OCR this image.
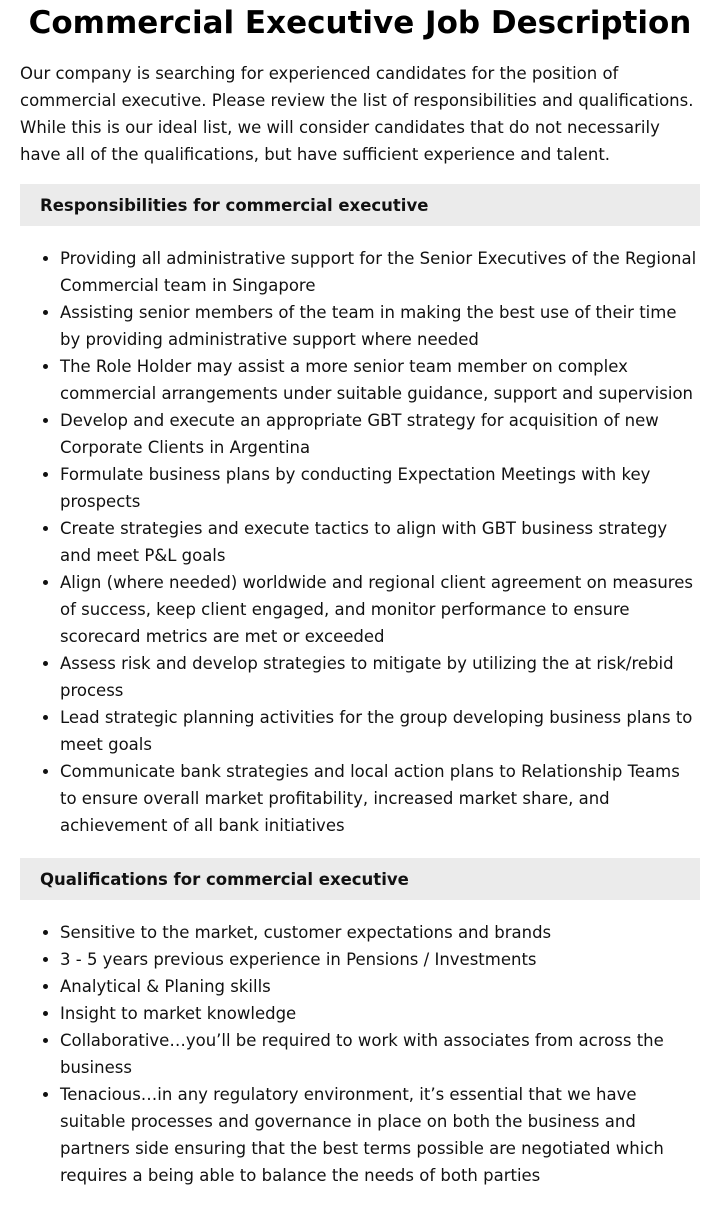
Commercial Executive Job Description

Our company is searching for experienced candidates for the position of commercial executive. Please review the list of responsibilities and qualifications. While this is our ideal list, we will consider candidates that do not necessarily have all of the qualifications, but have sufficient experience and talent.

Responsibilities for commercial executive
• Providing all administrative support for the Senior Executives of the Regional Commercial team in Singapore
• Assisting senior members of the team in making the best use of their time by providing administrative support where needed
• The Role Holder may assist a more senior team member on complex commercial arrangements under suitable guidance, support and supervision
• Develop and execute an appropriate GBT strategy for acquisition of new Corporate Clients in Argentina
• Formulate business plans by conducting Expectation Meetings with key prospects
• Create strategies and execute tactics to align with GBT business strategy and meet P&L goals
• Align (where needed) worldwide and regional client agreement on measures of success, keep client engaged, and monitor performance to ensure scorecard metrics are met or exceeded
• Assess risk and develop strategies to mitigate by utilizing the at risk/rebid process
• Lead strategic planning activities for the group developing business plans to meet goals
• Communicate bank strategies and local action plans to Relationship Teams to ensure overall market profitability, increased market share, and achievement of all bank initiatives
Qualifications for commercial executive
• Sensitive to the market, customer expectations and brands
• 3 - 5 years previous experience in Pensions / Investments
• Analytical & Planing skills
• Insight to market knowledge
• Collaborative…you’ll be required to work with associates from across the business
• Tenacious…in any regulatory environment, it’s essential that we have suitable processes and governance in place on both the business and partners side ensuring that the best terms possible are negotiated which requires a being able to balance the needs of both parties
